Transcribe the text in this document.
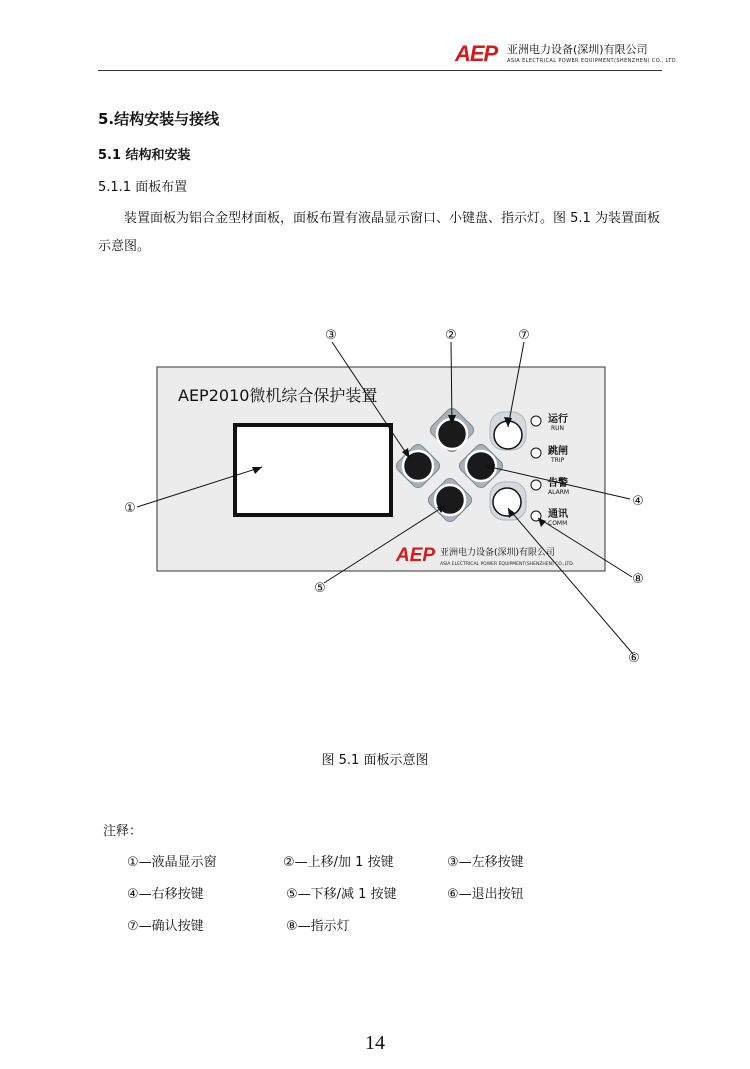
AEP 亚洲电力设备(深圳)有限公司
ASIA ELECTRICAL POWER EQUIPMENT(SHENZHEN) CO., LTD.
5.结构安装与接线
5.1 结构和安装
5.1.1 面板布置
装置面板为铝合金型材面板，面板布置有液晶显示窗口、小键盘、指示灯。图 5.1 为装置面板示意图。
AEP2010微机综合保护装置
运行
RUN
跳闸
TRIP
告警
ALARM
通讯
COMM
AEP 亚洲电力设备(深圳)有限公司
ASIA ELECTRICAL POWER EQUIPMENT(SHENZHEN) CO.,LTD.
①
②
③
④
⑤
⑥
⑦
⑧
图 5.1 面板示意图
注释：
①—液晶显示窗	②—上移/加 1 按键	③—左移按键
④—右移按键	⑤—下移/减 1 按键	⑥—退出按钮
⑦—确认按键	⑧—指示灯
14
